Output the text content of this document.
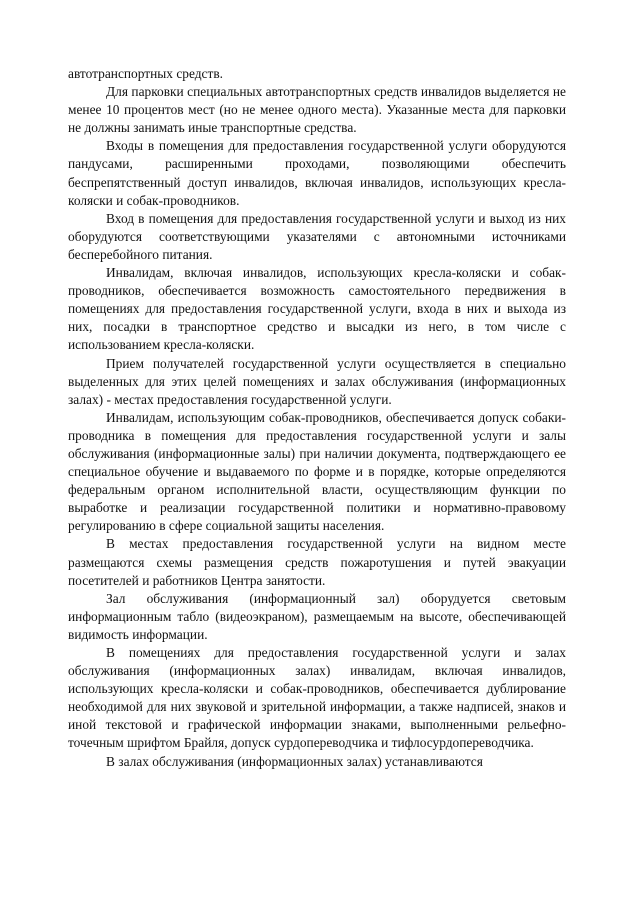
автотранспортных средств.

Для парковки специальных автотранспортных средств инвалидов выделяется не менее 10 процентов мест (но не менее одного места). Указанные места для парковки не должны занимать иные транспортные средства.

Входы в помещения для предоставления государственной услуги оборудуются пандусами, расширенными проходами, позволяющими обеспечить беспрепятственный доступ инвалидов, включая инвалидов, использующих кресла-коляски и собак-проводников.

Вход в помещения для предоставления государственной услуги и выход из них оборудуются соответствующими указателями с автономными источниками бесперебойного питания.

Инвалидам, включая инвалидов, использующих кресла-коляски и собак-проводников, обеспечивается возможность самостоятельного передвижения в помещениях для предоставления государственной услуги, входа в них и выхода из них, посадки в транспортное средство и высадки из него, в том числе с использованием кресла-коляски.

Прием получателей государственной услуги осуществляется в специально выделенных для этих целей помещениях и залах обслуживания (информационных залах) - местах предоставления государственной услуги.

Инвалидам, использующим собак-проводников, обеспечивается допуск собаки-проводника в помещения для предоставления государственной услуги и залы обслуживания (информационные залы) при наличии документа, подтверждающего ее специальное обучение и выдаваемого по форме и в порядке, которые определяются федеральным органом исполнительной власти, осуществляющим функции по выработке и реализации государственной политики и нормативно-правовому регулированию в сфере социальной защиты населения.

В местах предоставления государственной услуги на видном месте размещаются схемы размещения средств пожаротушения и путей эвакуации посетителей и работников Центра занятости.

Зал обслуживания (информационный зал) оборудуется световым информационным табло (видеоэкраном), размещаемым на высоте, обеспечивающей видимость информации.

В помещениях для предоставления государственной услуги и залах обслуживания (информационных залах) инвалидам, включая инвалидов, использующих кресла-коляски и собак-проводников, обеспечивается дублирование необходимой для них звуковой и зрительной информации, а также надписей, знаков и иной текстовой и графической информации знаками, выполненными рельефно-точечным шрифтом Брайля, допуск сурдопереводчика и тифлосурдопереводчика.

В залах обслуживания (информационных залах) устанавливаются
